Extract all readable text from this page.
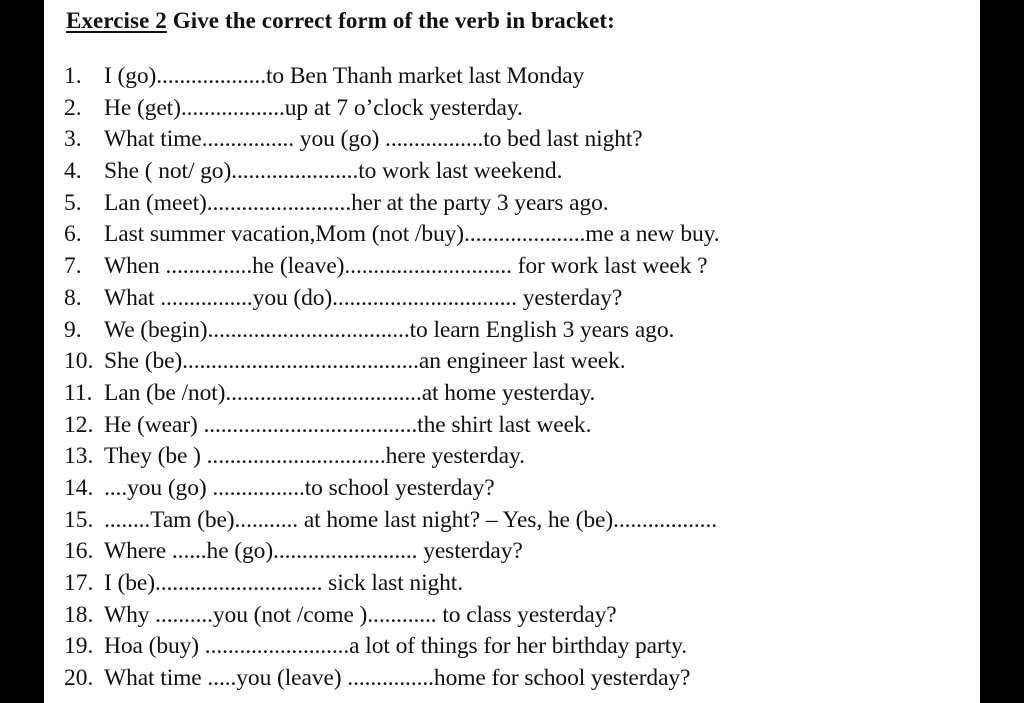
Exercise 2 Give the correct form of the verb in bracket:
1. I (go)...................to Ben Thanh market last Monday
2. He (get)..................up at 7 o’clock yesterday.
3. What time................ you (go) .................to bed last night?
4. She ( not/ go)......................to work last weekend.
5. Lan (meet).........................her at the party 3 years ago.
6. Last summer vacation,Mom (not /buy).....................me a new buy.
7. When ...............he (leave)............................. for work last week ?
8. What ................you (do)................................ yesterday?
9. We (begin)...................................to learn English 3 years ago.
10. She (be).........................................an engineer last week.
11. Lan (be /not)..................................at home yesterday.
12. He (wear) .....................................the shirt last week.
13. They (be ) ...............................here yesterday.
14. ....you (go) ................to school yesterday?
15. ........Tam (be)........... at home last night? – Yes, he (be)..................
16. Where ......he (go)......................... yesterday?
17. I (be)............................. sick last night.
18. Why ..........you (not /come )............ to class yesterday?
19. Hoa (buy) .........................a lot of things for her birthday party.
20. What time .....you (leave) ...............home for school yesterday?
